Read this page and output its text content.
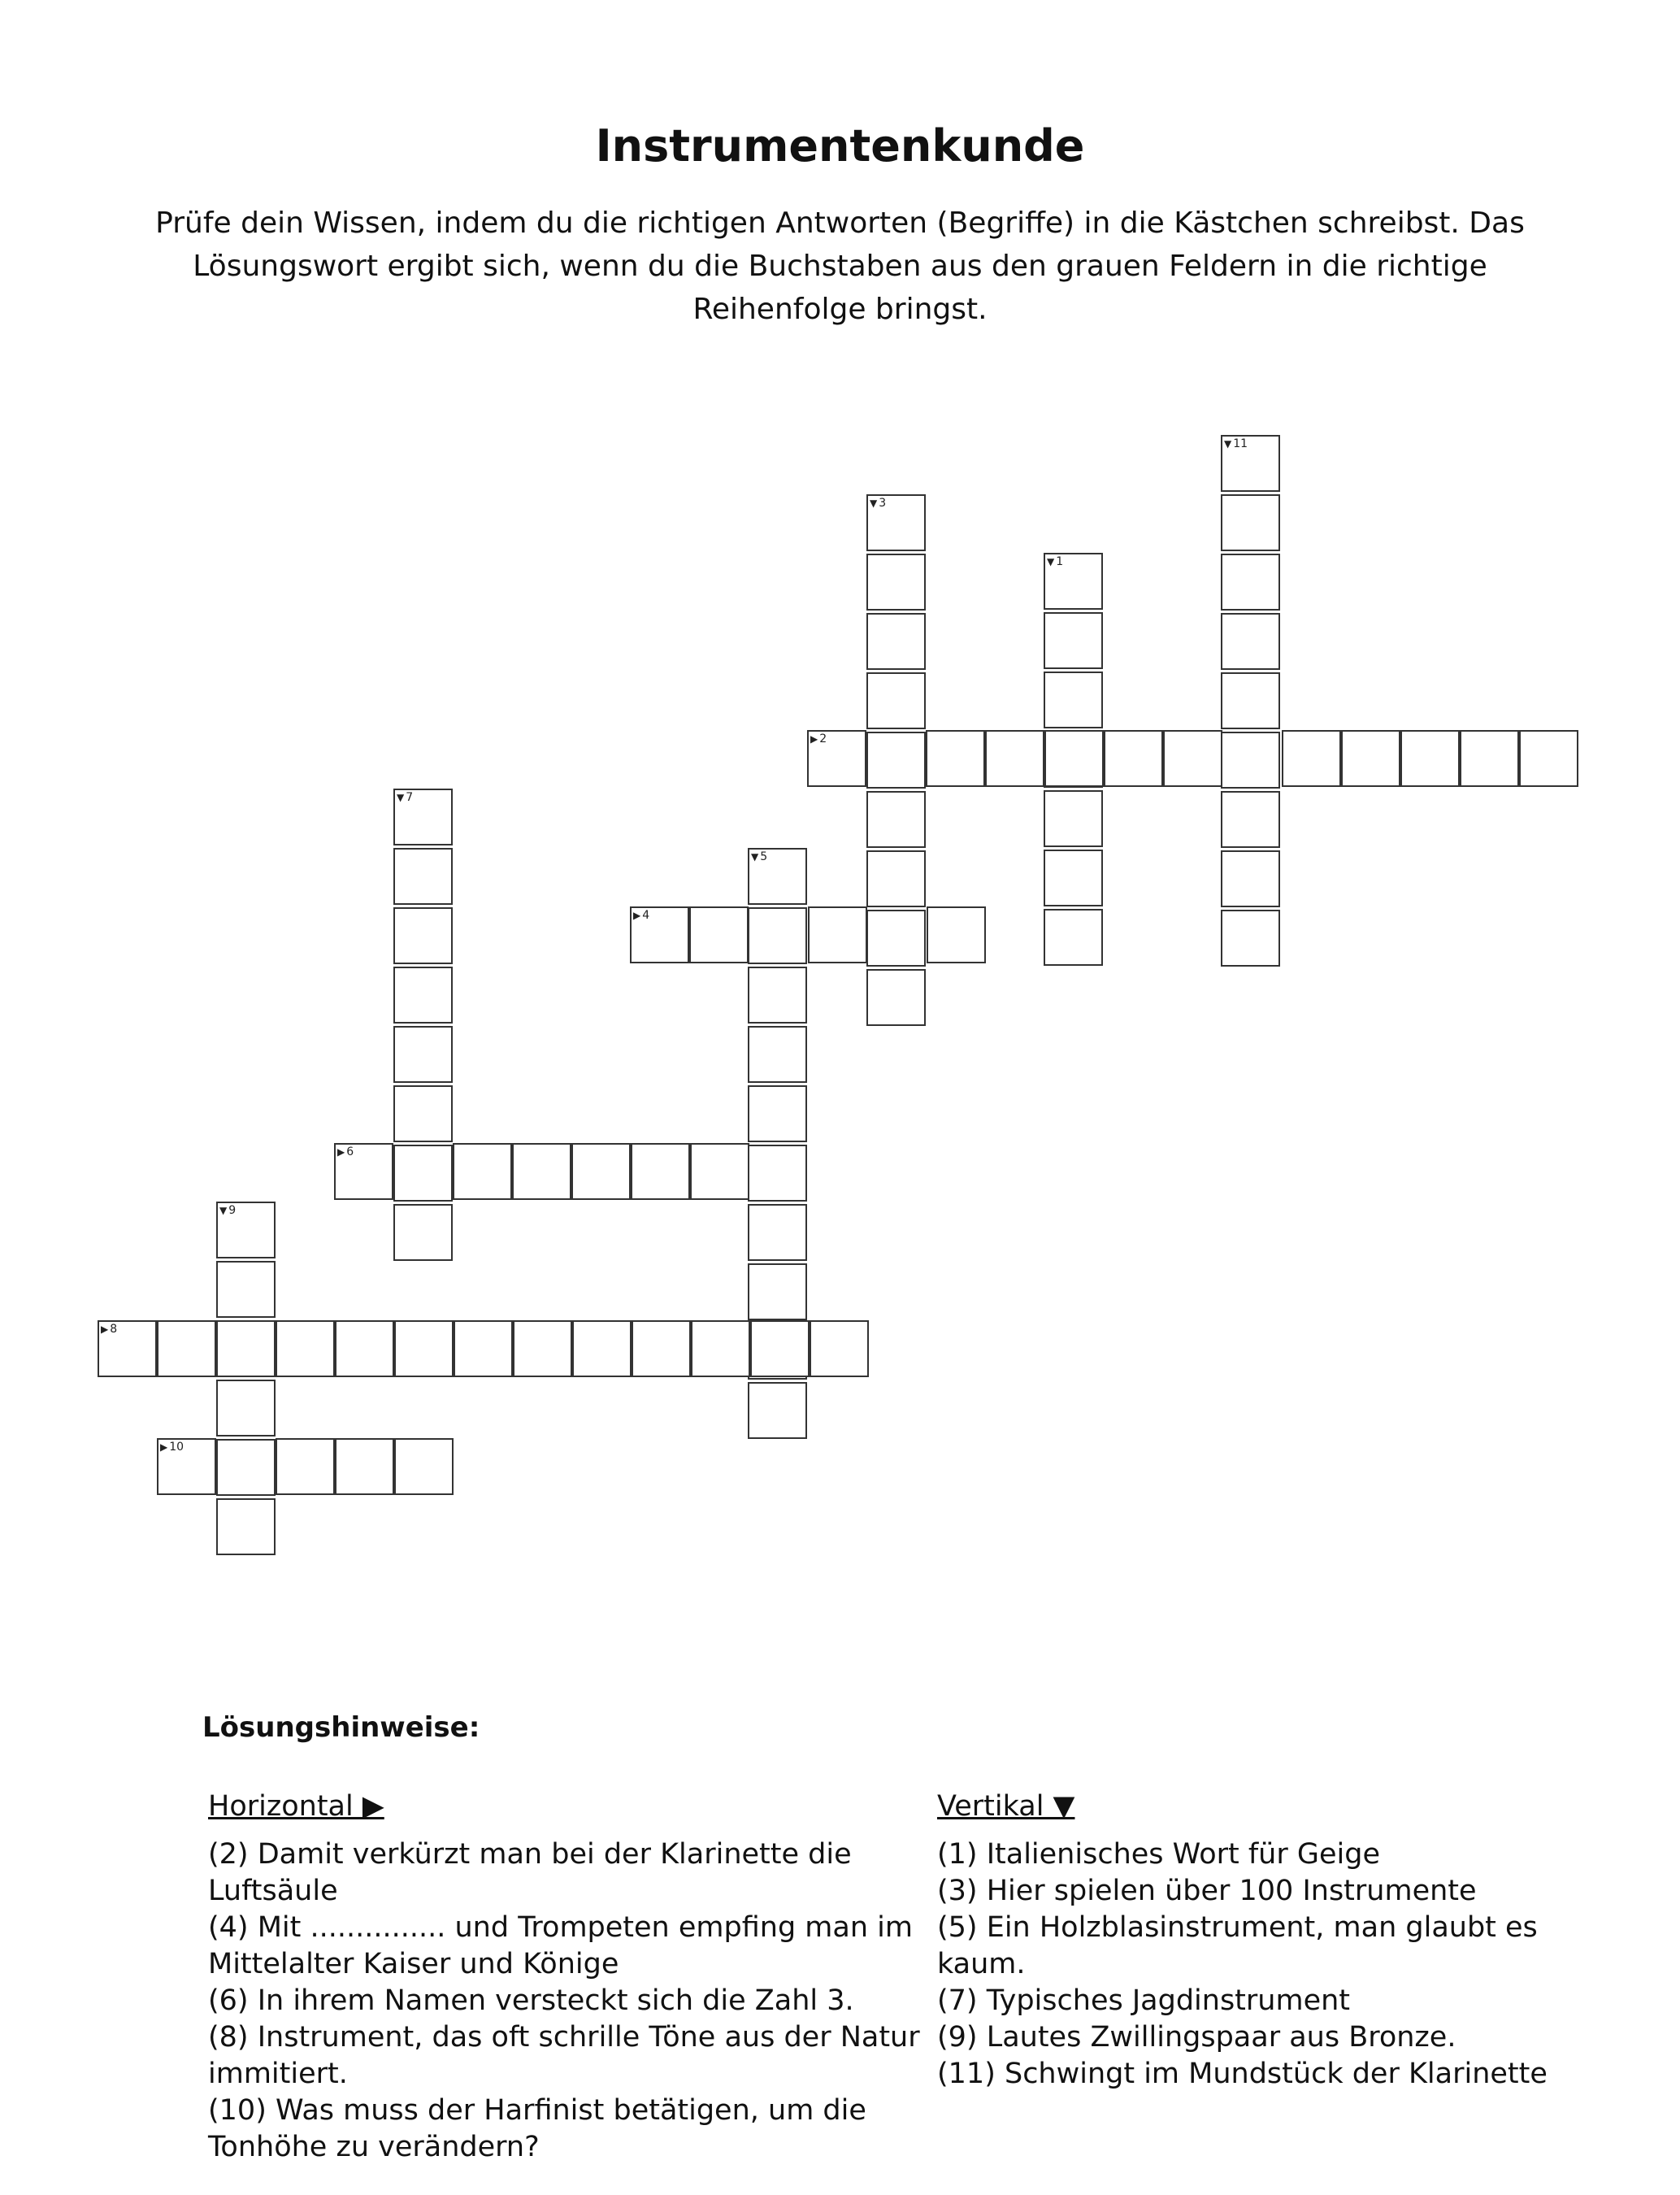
Instrumentenkunde

Prüfe dein Wissen, indem du die richtigen Antworten (Begriffe) in die Kästchen schreibst. Das Lösungswort ergibt sich, wenn du die Buchstaben aus den grauen Feldern in die richtige Reihenfolge bringst.

▼ 11
▼ 3
▼ 1
▶ 2
▼ 7
▼ 5
▶ 4
▶ 6
▼ 9
▶ 8
▶ 10
Lösungshinweise:
Horizontal ▶

(2) Damit verkürzt man bei der Klarinette die Luftsäule

(4) Mit ............... und Trompeten empfing man im Mittelalter Kaiser und Könige

(6) In ihrem Namen versteckt sich die Zahl 3.

(8) Instrument, das oft schrille Töne aus der Natur immitiert.

(10) Was muss der Harfinist betätigen, um die Tonhöhe zu verändern?

Vertikal ▼

(1) Italienisches Wort für Geige

(3) Hier spielen über 100 Instrumente

(5) Ein Holzblasinstrument, man glaubt es kaum.

(7) Typisches Jagdinstrument

(9) Lautes Zwillingspaar aus Bronze.

(11) Schwingt im Mundstück der Klarinette
